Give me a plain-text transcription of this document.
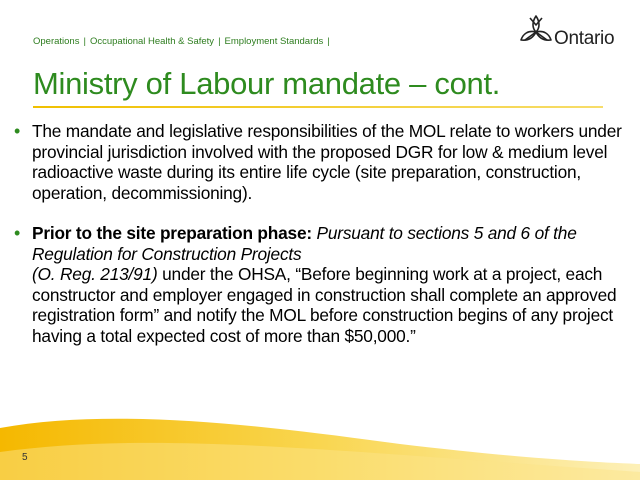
Operations | Occupational Health & Safety | Employment Standards |	Ontario
Ministry of Labour mandate – cont.
• The mandate and legislative responsibilities of the MOL relate to workers under provincial jurisdiction involved with the proposed DGR for low & medium level radioactive waste during its entire life cycle (site preparation, construction, operation, decommissioning).

• Prior to the site preparation phase: Pursuant to sections 5 and 6 of the Regulation for Construction Projects
(O. Reg. 213/91) under the OHSA, “Before beginning work at a project, each constructor and employer engaged in construction shall complete an approved registration form” and notify the MOL before construction begins of any project having a total expected cost of more than $50,000.”

5
